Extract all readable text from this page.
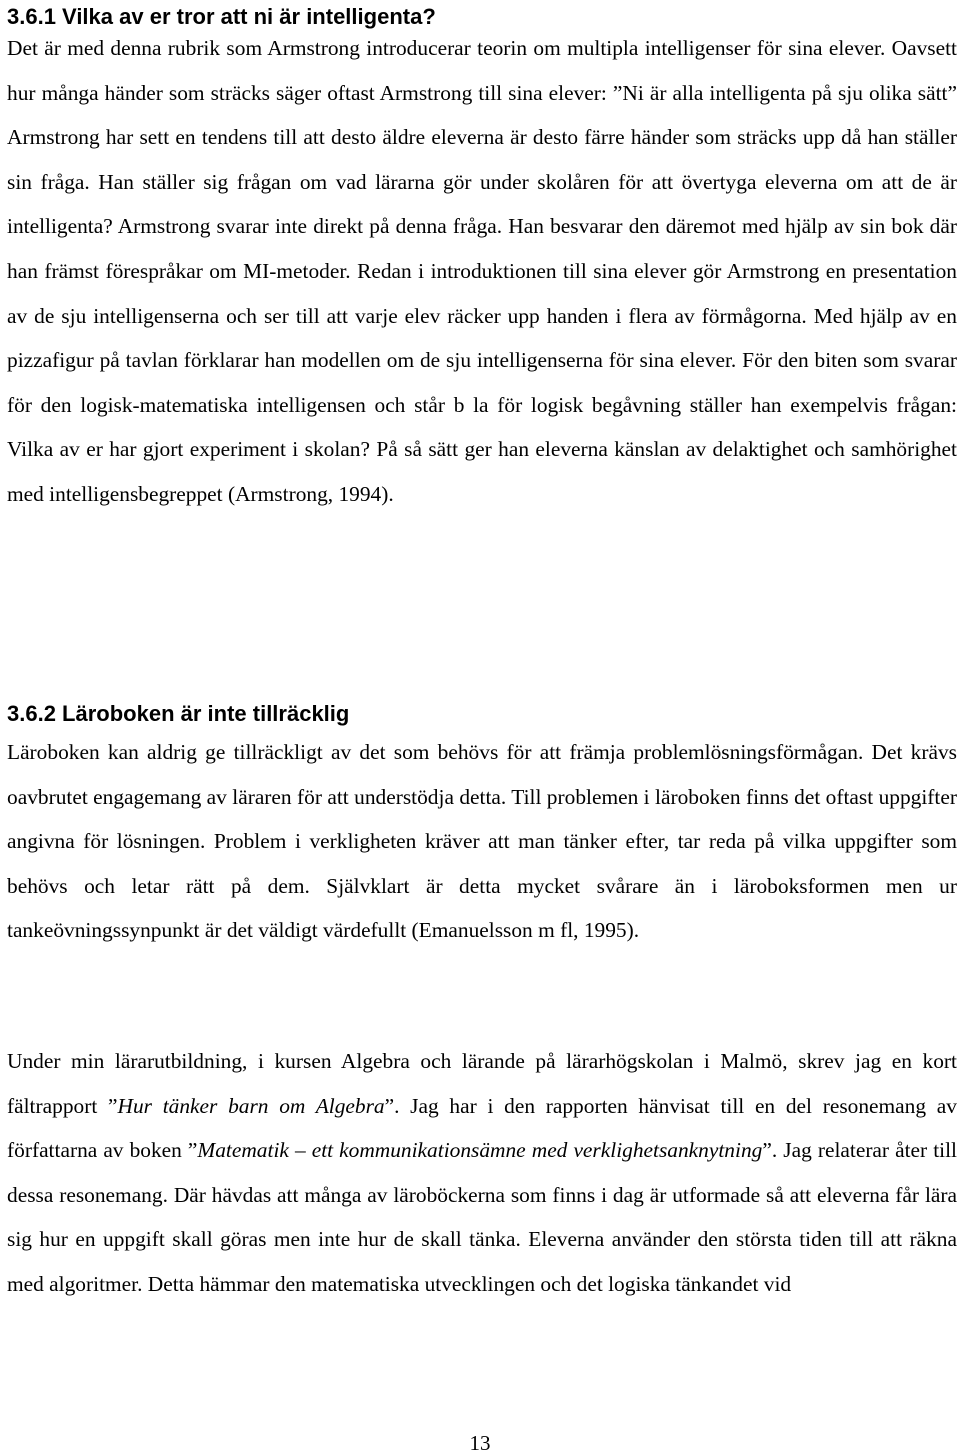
3.6.1 Vilka av er tror att ni är intelligenta?

Det är med denna rubrik som Armstrong introducerar teorin om multipla intelligenser för sina elever. Oavsett hur många händer som sträcks säger oftast Armstrong till sina elever: ”Ni är alla intelligenta på sju olika sätt” Armstrong har sett en tendens till att desto äldre eleverna är desto färre händer som sträcks upp då han ställer sin fråga. Han ställer sig frågan om vad lärarna gör under skolåren för att övertyga eleverna om att de är intelligenta? Armstrong svarar inte direkt på denna fråga. Han besvarar den däremot med hjälp av sin bok där han främst förespråkar om MI-metoder. Redan i introduktionen till sina elever gör Armstrong en presentation av de sju intelligenserna och ser till att varje elev räcker upp handen i flera av förmågorna. Med hjälp av en pizzafigur på tavlan förklarar han modellen om de sju intelligenserna för sina elever. För den biten som svarar för den logisk-matematiska intelligensen och står b la för logisk begåvning ställer han exempelvis frågan: Vilka av er har gjort experiment i skolan? På så sätt ger han eleverna känslan av delaktighet och samhörighet med intelligensbegreppet (Armstrong, 1994).

3.6.2 Läroboken är inte tillräcklig

Läroboken kan aldrig ge tillräckligt av det som behövs för att främja problemlösningsförmågan. Det krävs oavbrutet engagemang av läraren för att understödja detta. Till problemen i läroboken finns det oftast uppgifter angivna för lösningen. Problem i verkligheten kräver att man tänker efter, tar reda på vilka uppgifter som behövs och letar rätt på dem. Självklart är detta mycket svårare än i läroboksformen men ur tankeövningssynpunkt är det väldigt värdefullt (Emanuelsson m fl, 1995).

Under min lärarutbildning, i kursen Algebra och lärande på lärarhögskolan i Malmö, skrev jag en kort fältrapport ”Hur tänker barn om Algebra”. Jag har i den rapporten hänvisat till en del resonemang av författarna av boken ”Matematik – ett kommunikationsämne med verklighetsanknytning”. Jag relaterar åter till dessa resonemang. Där hävdas att många av läroböckerna som finns i dag är utformade så att eleverna får lära sig hur en uppgift skall göras men inte hur de skall tänka. Eleverna använder den största tiden till att räkna med algoritmer. Detta hämmar den matematiska utvecklingen och det logiska tänkandet vid

13
